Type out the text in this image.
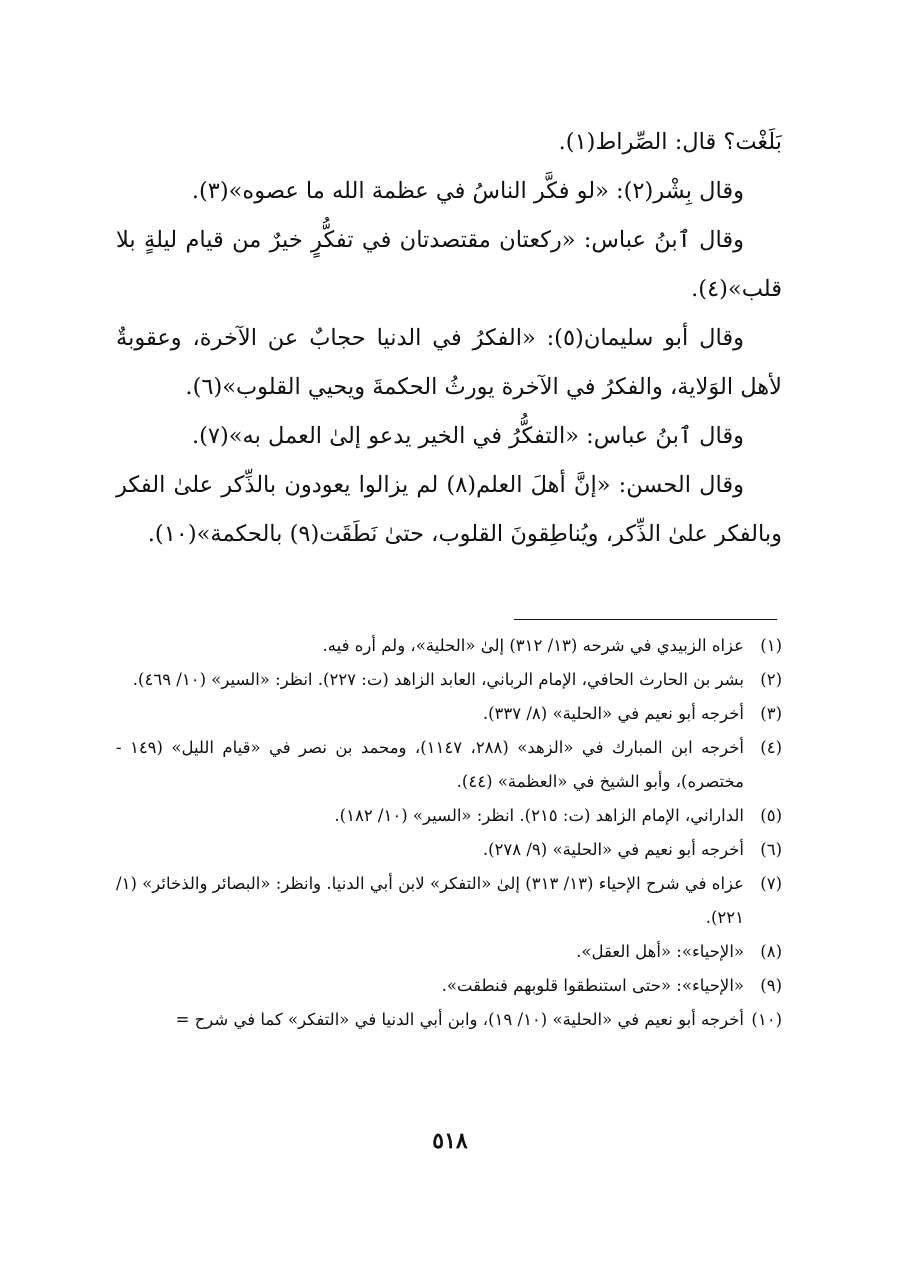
بَلَغْت؟ قال: الصِّراط(١).

وقال بِشْر(٢): «لو فكَّر الناسُ في عظمة الله ما عصوه»(٣).

وقال ٱبنُ عباس: «ركعتان مقتصدتان في تفكُّرٍ خيرٌ من قيام ليلةٍ بلا قلب»(٤).

وقال أبو سليمان(٥): «الفكرُ في الدنيا حجابٌ عن الآخرة، وعقوبةٌ لأهل الوَلاية، والفكرُ في الآخرة يورثُ الحكمةَ ويحيي القلوب»(٦).

وقال ٱبنُ عباس: «التفكُّرُ في الخير يدعو إلىٰ العمل به»(٧).

وقال الحسن: «إنَّ أهلَ العلم(٨) لم يزالوا يعودون بالذِّكر علىٰ الفكر وبالفكر علىٰ الذِّكر، ويُناطِقونَ القلوب، حتىٰ نَطَقَت(٩) بالحكمة»(١٠).

(١)
عزاه الزبيدي في شرحه (١٣/ ٣١٢) إلىٰ «الحلية»، ولم أره فيه.
(٢)
بشر بن الحارث الحافي، الإمام الرباني، العابد الزاهد (ت: ٢٢٧). انظر: «السير» (١٠/ ٤٦٩).
(٣)
أخرجه أبو نعيم في «الحلية» (٨/ ٣٣٧).
(٤)
أخرجه ابن المبارك في «الزهد» (٢٨٨، ١١٤٧)، ومحمد بن نصر في «قيام الليل» (١٤٩ - مختصره)، وأبو الشيخ في «العظمة» (٤٤).
(٥)
الداراني، الإمام الزاهد (ت: ٢١٥). انظر: «السير» (١٠/ ١٨٢).
(٦)
أخرجه أبو نعيم في «الحلية» (٩/ ٢٧٨).
(٧)
عزاه في شرح الإحياء (١٣/ ٣١٣) إلىٰ «التفكر» لابن أبي الدنيا. وانظر: «البصائر والذخائر» (١/ ٢٢١).
(٨)
«الإحياء»: «أهل العقل».
(٩)
«الإحياء»: «حتى استنطقوا قلوبهم فنطقت».
(١٠)
أخرجه أبو نعيم في «الحلية» (١٠/ ١٩)، وابن أبي الدنيا في «التفكر» كما في شرح =
٥١٨
